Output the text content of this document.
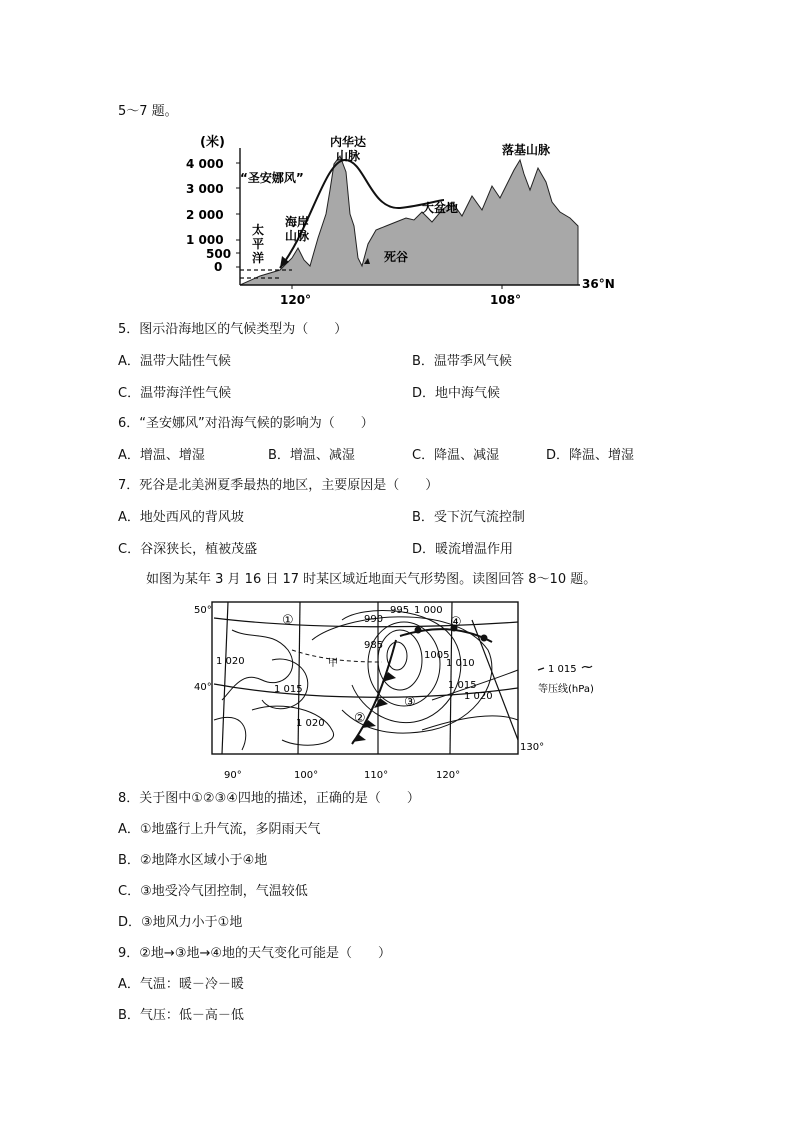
5～7 题。
(米)
4 000
3 000
2 000
1 000
500
0
“圣安娜风”
内华达
山脉	落基山脉
海岸
山脉
太
平
洋
大盆地
死谷
120°	108°
36°N
5．图示沿海地区的气候类型为（　　）
A．温带大陆性气候	B．温带季风气候
C．温带海洋性气候	D．地中海气候
6．“圣安娜风”对沿海气候的影响为（　　）
A．增温、增湿	B．增温、减湿	C．降温、减湿	D．降温、增湿
7．死谷是北美洲夏季最热的地区，主要原因是（　　）
A．地处西风的背风坡	B．受下沉气流控制
C．谷深狭长，植被茂盛	D．暖流增温作用
如图为某年 3 月 16 日 17 时某区域近地面天气形势图。读图回答 8～10 题。
990
995 1 000
985
1005
1 010
1 015
1 020
1 015
1 020
1 020
①
②
③
④
甲
50°
40°
130°
90°	100°	110°	120°
1 015
等压线(hPa)
8．关于图中①②③④四地的描述，正确的是（　　）
A．①地盛行上升气流，多阴雨天气
B．②地降水区域小于④地
C．③地受冷气团控制，气温较低
D．③地风力小于①地
9．②地→③地→④地的天气变化可能是（　　）
A．气温：暖－冷－暖
B．气压：低－高－低
